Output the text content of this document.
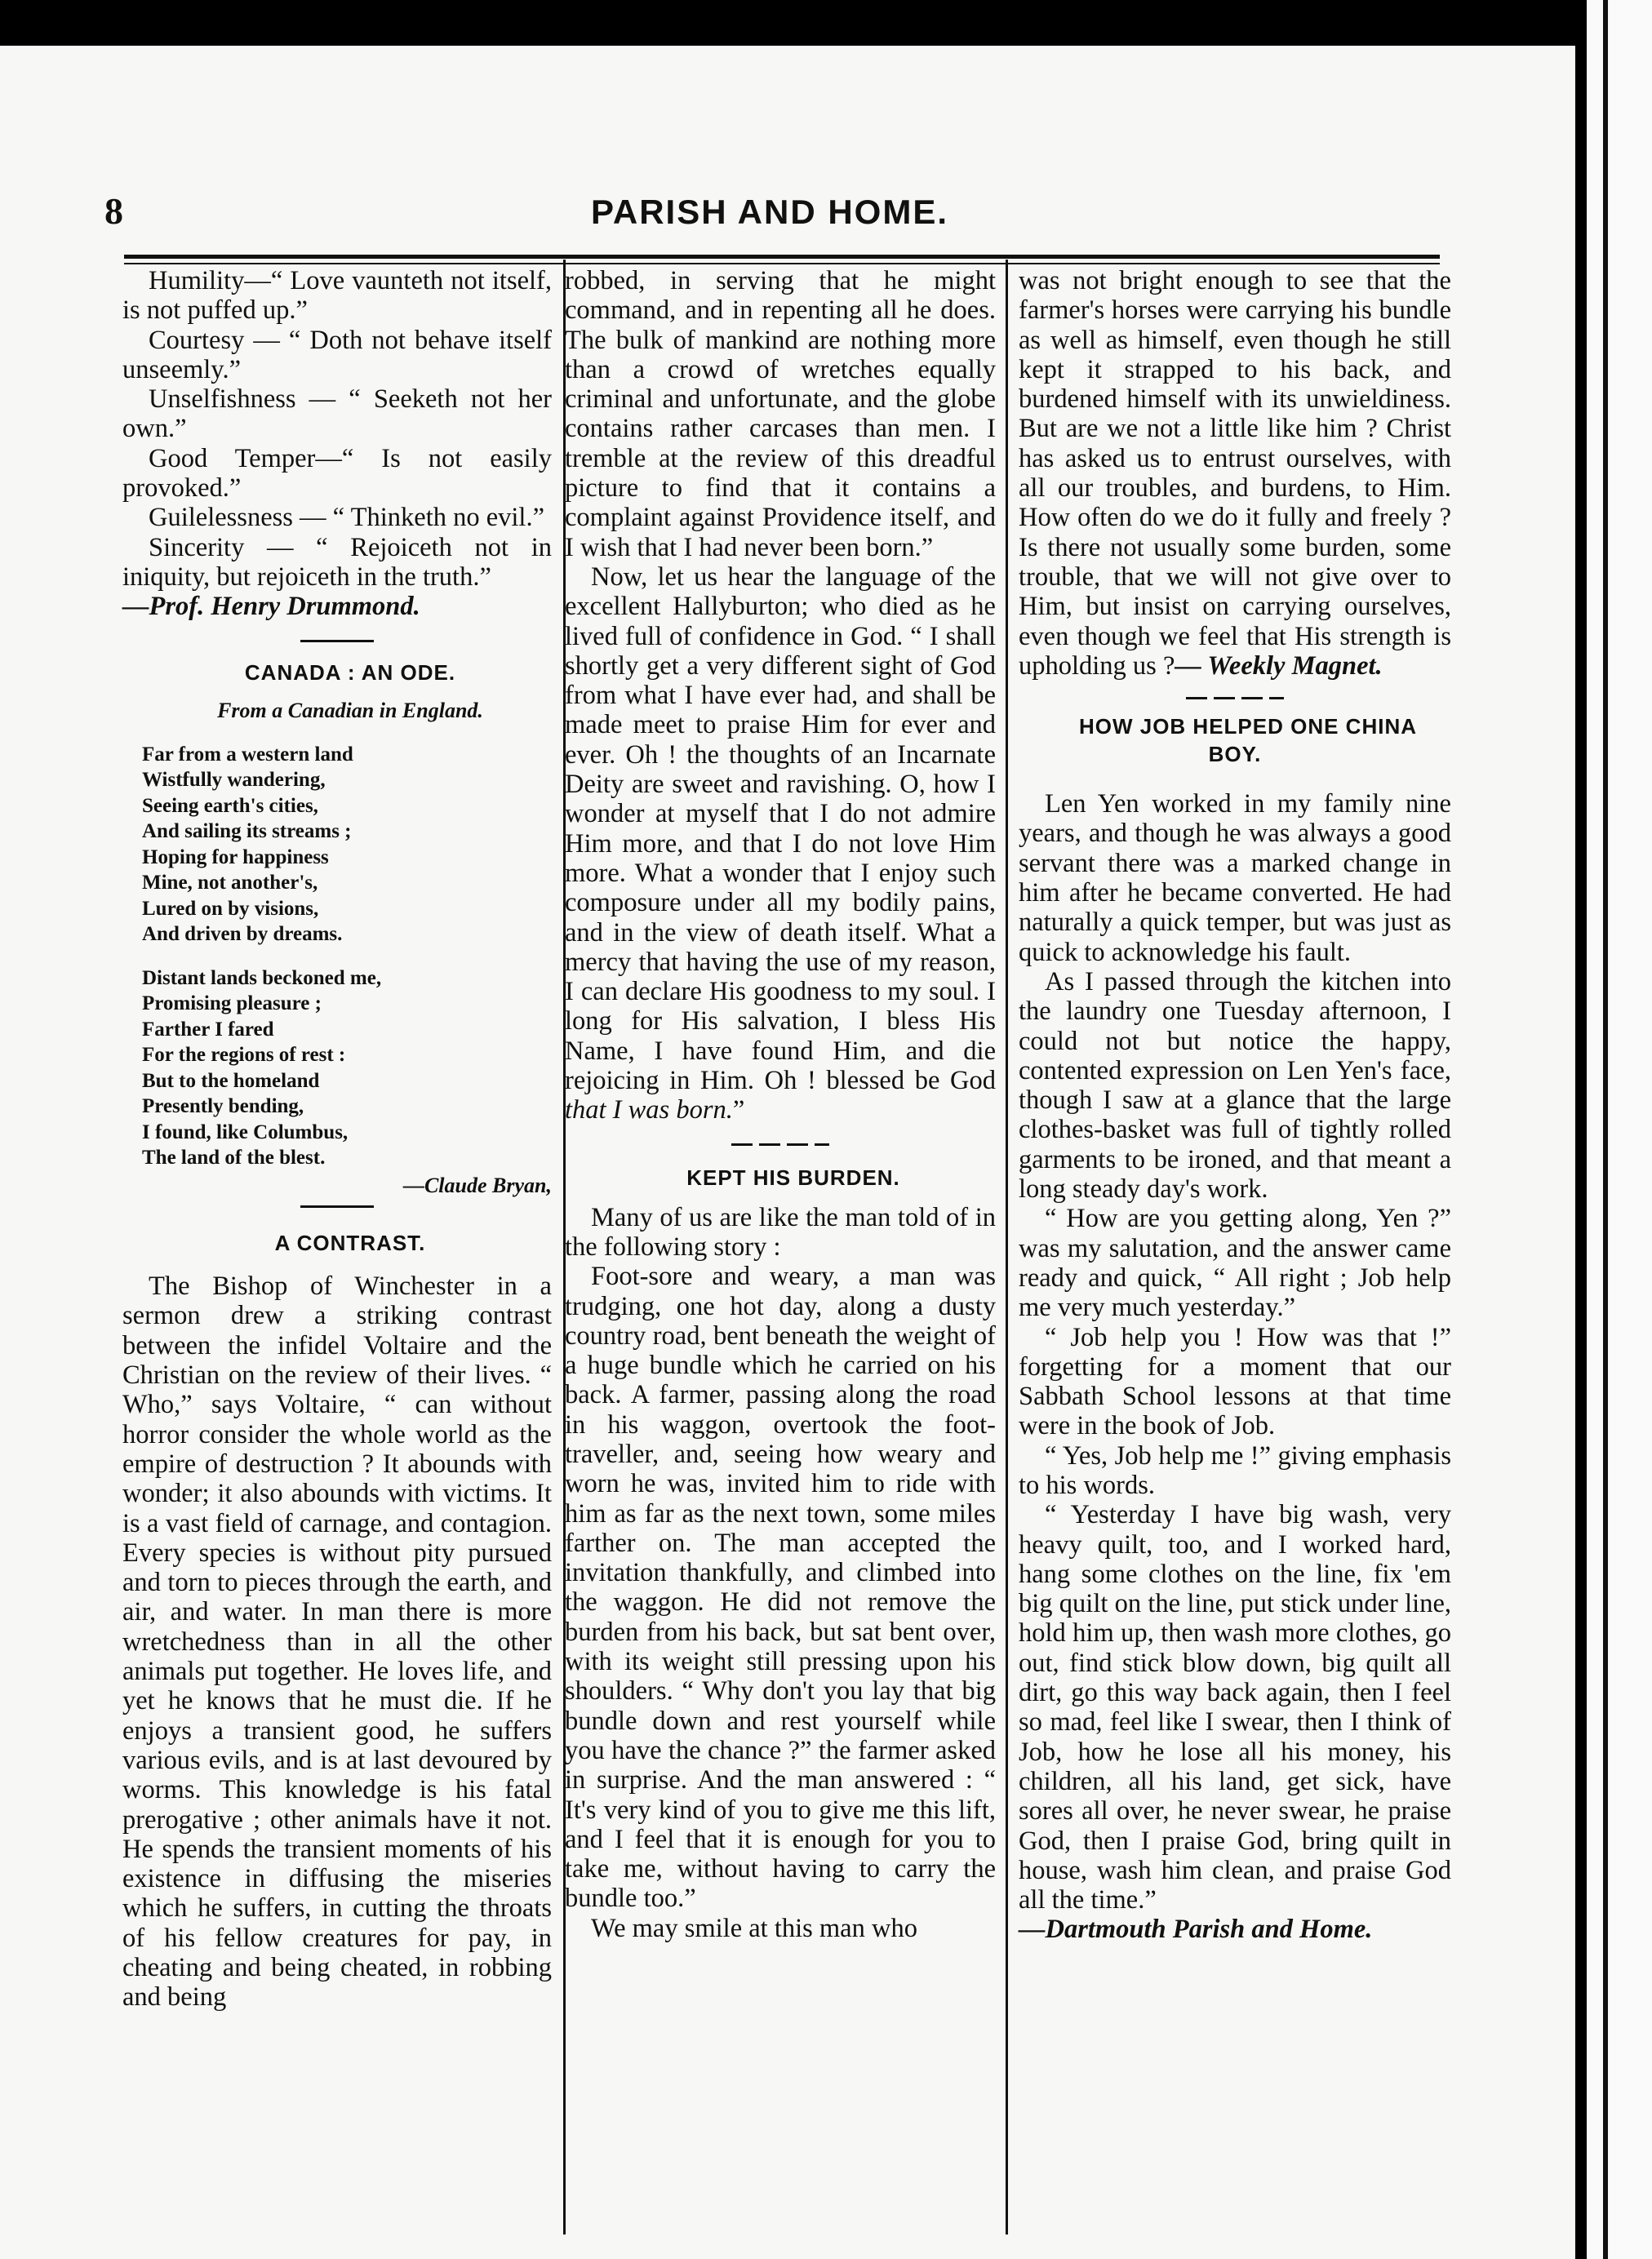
8	PARISH AND HOME.

Humility—“ Love vaunteth not itself, is not puffed up.”

Courtesy — “ Doth not behave itself unseemly.”

Unselfishness — “ Seeketh not her own.”

Good Temper—“ Is not easily provoked.”

Guilelessness — “ Thinketh no evil.”

Sincerity — “ Rejoiceth not in iniquity, but rejoiceth in the truth.”

—Prof. Henry Drummond.

CANADA : AN ODE.

From a Canadian in England.

Far from a western land
Wistfully wandering,
Seeing earth's cities,
And sailing its streams ;
Hoping for happiness
Mine, not another's,
Lured on by visions,
And driven by dreams.
Distant lands beckoned me,
Promising pleasure ;
Farther I fared
For the regions of rest :
But to the homeland
Presently bending,
I found, like Columbus,
The land of the blest.
—Claude Bryan,

A CONTRAST.

The Bishop of Winchester in a sermon drew a striking contrast between the infidel Voltaire and the Christian on the review of their lives. “ Who,” says Voltaire, “ can without horror consider the whole world as the empire of destruction ? It abounds with wonder; it also abounds with victims. It is a vast field of carnage, and contagion. Every species is without pity pursued and torn to pieces through the earth, and air, and water. In man there is more wretchedness than in all the other animals put together. He loves life, and yet he knows that he must die. If he enjoys a transient good, he suffers various evils, and is at last devoured by worms. This knowledge is his fatal prerogative ; other animals have it not. He spends the transient moments of his existence in diffusing the miseries which he suffers, in cutting the throats of his fellow creatures for pay, in cheating and being cheated, in robbing and being

robbed, in serving that he might command, and in repenting all he does. The bulk of mankind are nothing more than a crowd of wretches equally criminal and unfortunate, and the globe contains rather carcases than men. I tremble at the review of this dreadful picture to find that it contains a complaint against Providence itself, and I wish that I had never been born.”

Now, let us hear the language of the excellent Hallyburton; who died as he lived full of confidence in God. “ I shall shortly get a very different sight of God from what I have ever had, and shall be made meet to praise Him for ever and ever. Oh ! the thoughts of an Incarnate Deity are sweet and ravishing. O, how I wonder at myself that I do not admire Him more, and that I do not love Him more. What a wonder that I enjoy such composure under all my bodily pains, and in the view of death itself. What a mercy that having the use of my reason, I can declare His goodness to my soul. I long for His salvation, I bless His Name, I have found Him, and die rejoicing in Him. Oh ! blessed be God that I was born.”

KEPT HIS BURDEN.

Many of us are like the man told of in the following story :

Foot-sore and weary, a man was trudging, one hot day, along a dusty country road, bent beneath the weight of a huge bundle which he carried on his back. A farmer, passing along the road in his waggon, overtook the foot-traveller, and, seeing how weary and worn he was, invited him to ride with him as far as the next town, some miles farther on. The man accepted the invitation thankfully, and climbed into the waggon. He did not remove the burden from his back, but sat bent over, with its weight still pressing upon his shoulders. “ Why don't you lay that big bundle down and rest yourself while you have the chance ?” the farmer asked in surprise. And the man answered : “ It's very kind of you to give me this lift, and I feel that it is enough for you to take me, without having to carry the bundle too.”

We may smile at this man who

was not bright enough to see that the farmer's horses were carrying his bundle as well as himself, even though he still kept it strapped to his back, and burdened himself with its unwieldiness. But are we not a little like him ? Christ has asked us to entrust ourselves, with all our troubles, and burdens, to Him. How often do we do it fully and freely ? Is there not usually some burden, some trouble, that we will not give over to Him, but insist on carrying ourselves, even though we feel that His strength is upholding us ?— Weekly Magnet.

HOW JOB HELPED ONE CHINA BOY.

Len Yen worked in my family nine years, and though he was always a good servant there was a marked change in him after he became converted. He had naturally a quick temper, but was just as quick to acknowledge his fault.

As I passed through the kitchen into the laundry one Tuesday afternoon, I could not but notice the happy, contented expression on Len Yen's face, though I saw at a glance that the large clothes-basket was full of tightly rolled garments to be ironed, and that meant a long steady day's work.

“ How are you getting along, Yen ?” was my salutation, and the answer came ready and quick, “ All right ; Job help me very much yesterday.”

“ Job help you ! How was that !” forgetting for a moment that our Sabbath School lessons at that time were in the book of Job.

“ Yes, Job help me !” giving emphasis to his words.

“ Yesterday I have big wash, very heavy quilt, too, and I worked hard, hang some clothes on the line, fix 'em big quilt on the line, put stick under line, hold him up, then wash more clothes, go out, find stick blow down, big quilt all dirt, go this way back again, then I feel so mad, feel like I swear, then I think of Job, how he lose all his money, his children, all his land, get sick, have sores all over, he never swear, he praise God, then I praise God, bring quilt in house, wash him clean, and praise God all the time.”

—Dartmouth Parish and Home.
